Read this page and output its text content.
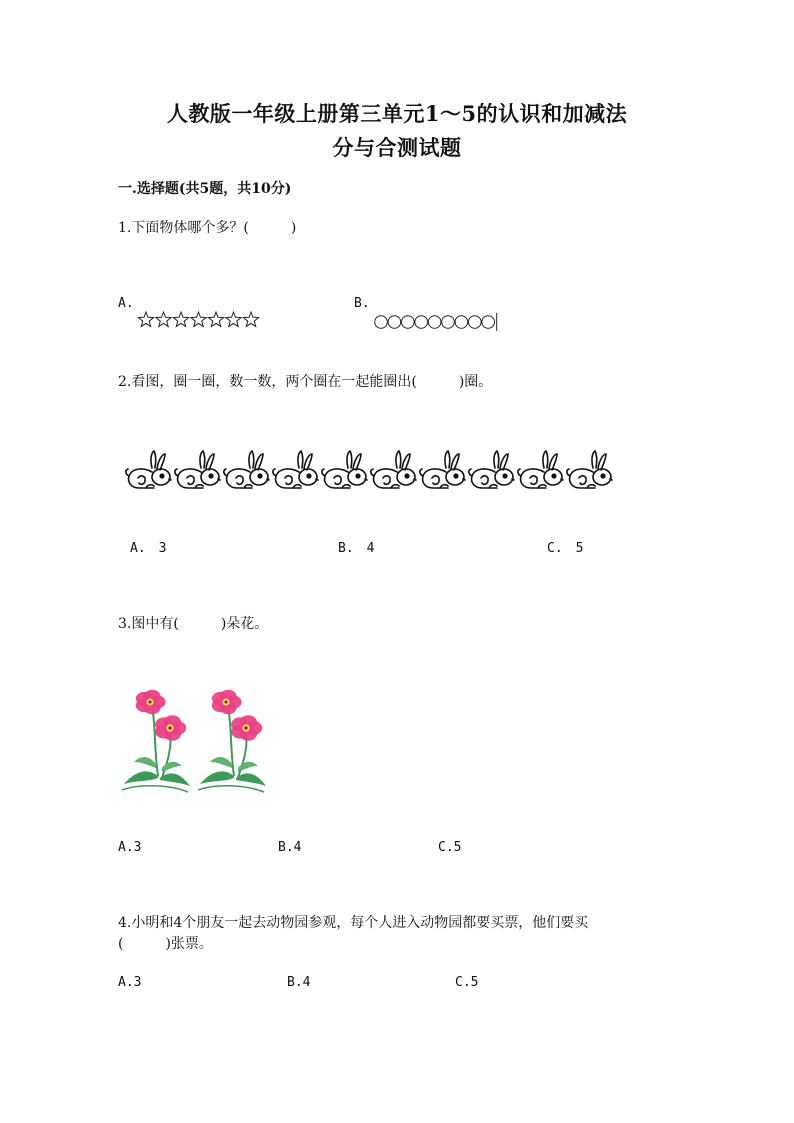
人教版一年级上册第三单元1～5的认识和加减法
分与合测试题
一.选择题(共5题，共10分)
1.下面物体哪个多？(　　　)
A.	B.
2.看图，圈一圈，数一数，两个圈在一起能圈出(　　　)圈。
A.　3	B.　4	C.　5
3.图中有(　　　)朵花。
A.3	B.4	C.5
4.小明和4个朋友一起去动物园参观，每个人进入动物园都要买票，他们要买
(　　　)张票。
A.3	B.4	C.5
